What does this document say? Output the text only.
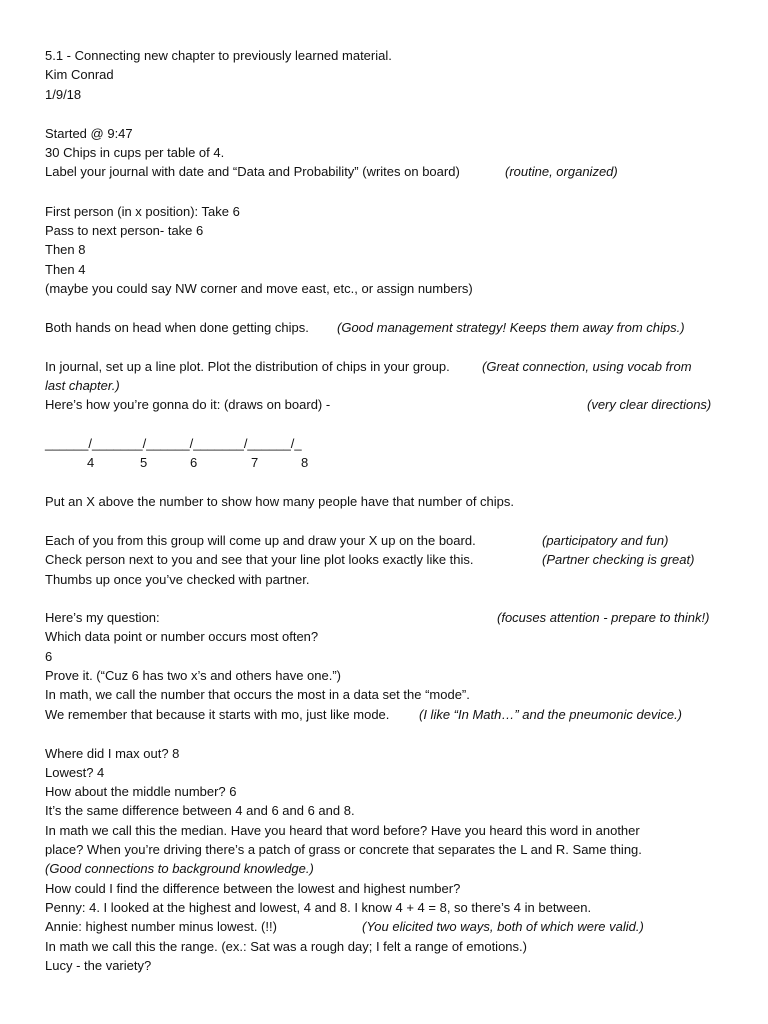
5.1 - Connecting new chapter to previously learned material.
Kim Conrad
1/9/18
Started @ 9:47
30 Chips in cups per table of 4.
Label your journal with date and “Data and Probability” (writes on board)	(routine, organized)
First person (in x position): Take 6
Pass to next person- take 6
Then 8
Then 4
(maybe you could say NW corner and move east, etc., or assign numbers)
Both hands on head when done getting chips. (Good management strategy! Keeps them away from chips.)
In journal, set up a line plot. Plot the distribution of chips in your group. (Great connection, using vocab from
last chapter.)
Here’s how you’re gonna do it: (draws on board) -	(very clear directions)
______/_______/______/_______/______/_
4	5	6	7	8
Put an X above the number to show how many people have that number of chips.
Each of you from this group will come up and draw your X up on the board.	(participatory and fun)
Check person next to you and see that your line plot looks exactly like this.	(Partner checking is great)
Thumbs up once you’ve checked with partner.
Here’s my question:	(focuses attention - prepare to think!)
Which data point or number occurs most often?
6
Prove it. (“Cuz 6 has two x’s and others have one.”)
In math, we call the number that occurs the most in a data set the “mode”.
We remember that because it starts with mo, just like mode. (I like “In Math…” and the pneumonic device.)
Where did I max out? 8
Lowest? 4
How about the middle number? 6
It’s the same difference between 4 and 6 and 6 and 8.
In math we call this the median. Have you heard that word before? Have you heard this word in another
place? When you’re driving there’s a patch of grass or concrete that separates the L and R. Same thing.
(Good connections to background knowledge.)
How could I find the difference between the lowest and highest number?
Penny: 4. I looked at the highest and lowest, 4 and 8. I know 4 + 4 = 8, so there’s 4 in between.
Annie: highest number minus lowest. (!!)	(You elicited two ways, both of which were valid.)
In math we call this the range. (ex.: Sat was a rough day; I felt a range of emotions.)
Lucy - the variety?
